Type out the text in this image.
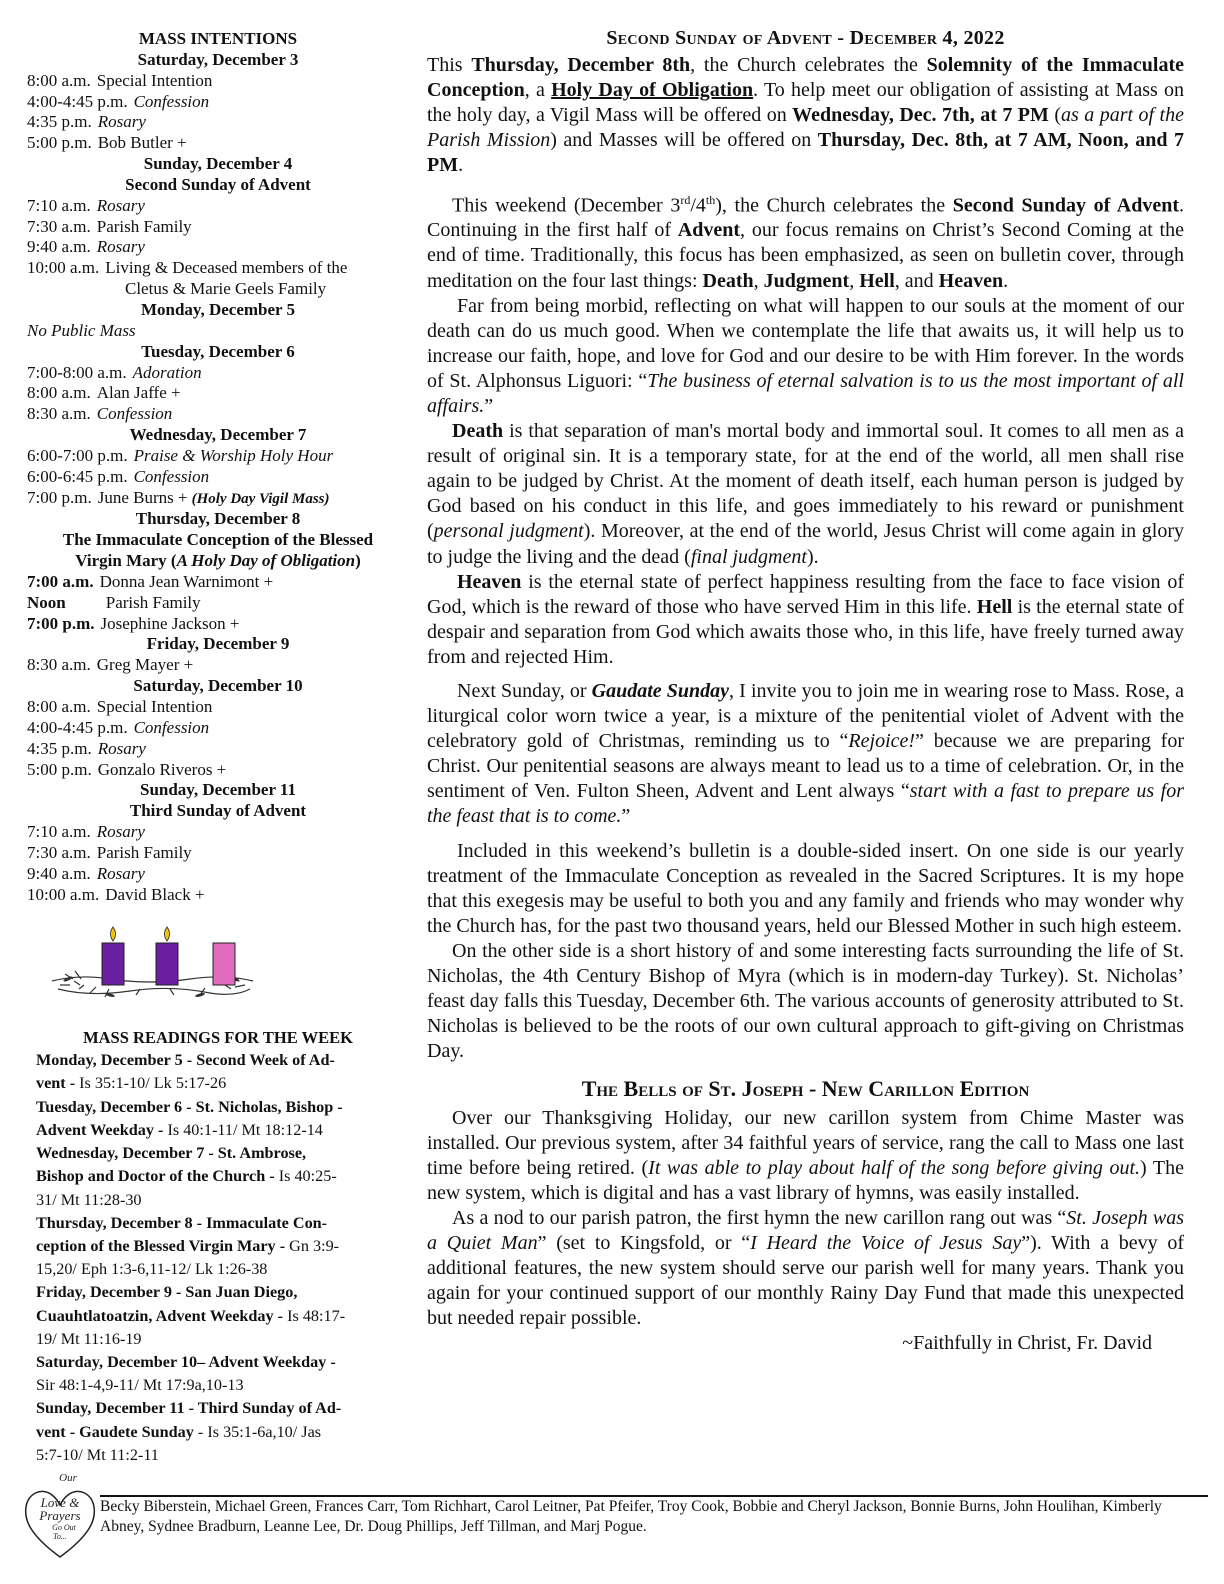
MASS INTENTIONS
Saturday, December 3
8:00 a.m. Special Intention
4:00-4:45 p.m. Confession
4:35 p.m. Rosary
5:00 p.m. Bob Butler +
Sunday, December 4
Second Sunday of Advent
7:10 a.m. Rosary
7:30 a.m. Parish Family
9:40 a.m. Rosary
10:00 a.m. Living & Deceased members of the
Cletus & Marie Geels Family
Monday, December 5
No Public Mass
Tuesday, December 6
7:00-8:00 a.m. Adoration
8:00 a.m. Alan Jaffe +
8:30 a.m. Confession
Wednesday, December 7
6:00-7:00 p.m. Praise & Worship Holy Hour
6:00-6:45 p.m. Confession
7:00 p.m. June Burns + (Holy Day Vigil Mass)
Thursday, December 8
The Immaculate Conception of the Blessed
Virgin Mary (A Holy Day of Obligation)
7:00 a.m. Donna Jean Warnimont +
Noon Parish Family
7:00 p.m. Josephine Jackson +
Friday, December 9
8:30 a.m. Greg Mayer +
Saturday, December 10
8:00 a.m. Special Intention
4:00-4:45 p.m. Confession
4:35 p.m. Rosary
5:00 p.m. Gonzalo Riveros +
Sunday, December 11
Third Sunday of Advent
7:10 a.m. Rosary
7:30 a.m. Parish Family
9:40 a.m. Rosary
10:00 a.m. David Black +
MASS READINGS FOR THE WEEK
Monday, December 5 - Second Week of Ad-
vent - Is 35:1-10/ Lk 5:17-26
Tuesday, December 6 - St. Nicholas, Bishop -
Advent Weekday - Is 40:1-11/ Mt 18:12-14
Wednesday, December 7 - St. Ambrose,
Bishop and Doctor of the Church - Is 40:25-
31/ Mt 11:28-30
Thursday, December 8 - Immaculate Con-
ception of the Blessed Virgin Mary - Gn 3:9-
15,20/ Eph 1:3-6,11-12/ Lk 1:26-38
Friday, December 9 - San Juan Diego,
Cuauhtlatoatzin, Advent Weekday - Is 48:17-
19/ Mt 11:16-19
Saturday, December 10– Advent Weekday -
Sir 48:1-4,9-11/ Mt 17:9a,10-13
Sunday, December 11 - Third Sunday of Ad-
vent - Gaudete Sunday - Is 35:1-6a,10/ Jas
5:7-10/ Mt 11:2-11
Second Sunday of Advent - December 4, 2022

This Thursday, December 8th, the Church celebrates the Solemnity of the Immaculate Conception, a Holy Day of Obligation. To help meet our obligation of assisting at Mass on the holy day, a Vigil Mass will be offered on Wednesday, Dec. 7th, at 7 PM (as a part of the Parish Mission) and Masses will be offered on Thursday, Dec. 8th, at 7 AM, Noon, and 7 PM.

This weekend (December 3rd/4th), the Church celebrates the Second Sunday of Advent. Continuing in the first half of Advent, our focus remains on Christ’s Second Coming at the end of time. Traditionally, this focus has been emphasized, as seen on bulletin cover, through meditation on the four last things: Death, Judgment, Hell, and Heaven.

Far from being morbid, reflecting on what will happen to our souls at the moment of our death can do us much good. When we contemplate the life that awaits us, it will help us to increase our faith, hope, and love for God and our desire to be with Him forever. In the words of St. Alphonsus Liguori: “The business of eternal salvation is to us the most important of all affairs.”

Death is that separation of man's mortal body and immortal soul. It comes to all men as a result of original sin. It is a temporary state, for at the end of the world, all men shall rise again to be judged by Christ. At the moment of death itself, each human person is judged by God based on his conduct in this life, and goes immediately to his reward or punishment (personal judgment). Moreover, at the end of the world, Jesus Christ will come again in glory to judge the living and the dead (final judgment).

Heaven is the eternal state of perfect happiness resulting from the face to face vision of God, which is the reward of those who have served Him in this life. Hell is the eternal state of despair and separation from God which awaits those who, in this life, have freely turned away from and rejected Him.

Next Sunday, or Gaudate Sunday, I invite you to join me in wearing rose to Mass. Rose, a liturgical color worn twice a year, is a mixture of the penitential violet of Advent with the celebratory gold of Christmas, reminding us to “Rejoice!” because we are preparing for Christ. Our penitential seasons are always meant to lead us to a time of celebration. Or, in the sentiment of Ven. Fulton Sheen, Advent and Lent always “start with a fast to prepare us for the feast that is to come.”

Included in this weekend’s bulletin is a double-sided insert. On one side is our yearly treatment of the Immaculate Conception as revealed in the Sacred Scriptures. It is my hope that this exegesis may be useful to both you and any family and friends who may wonder why the Church has, for the past two thousand years, held our Blessed Mother in such high esteem.

On the other side is a short history of and some interesting facts surrounding the life of St. Nicholas, the 4th Century Bishop of Myra (which is in modern-day Turkey). St. Nicholas’ feast day falls this Tuesday, December 6th. The various accounts of generosity attributed to St. Nicholas is believed to be the roots of our own cultural approach to gift-giving on Christmas Day.

The Bells of St. Joseph - New Carillon Edition

Over our Thanksgiving Holiday, our new carillon system from Chime Master was installed. Our previous system, after 34 faithful years of service, rang the call to Mass one last time before being retired. (It was able to play about half of the song before giving out.) The new system, which is digital and has a vast library of hymns, was easily installed.

As a nod to our parish patron, the first hymn the new carillon rang out was “St. Joseph was a Quiet Man” (set to Kingsfold, or “I Heard the Voice of Jesus Say”). With a bevy of additional features, the new system should serve our parish well for many years. Thank you again for your continued support of our monthly Rainy Day Fund that made this unexpected but needed repair possible.

~Faithfully in Christ, Fr. David
Our
Love &
Prayers
Go Out
To...
Becky Biberstein, Michael Green, Frances Carr, Tom Richhart, Carol Leitner, Pat Pfeifer, Troy Cook, Bobbie and Cheryl Jackson, Bonnie Burns, John Houlihan, Kimberly Abney, Sydnee Bradburn, Leanne Lee, Dr. Doug Phillips, Jeff Tillman, and Marj Pogue.
